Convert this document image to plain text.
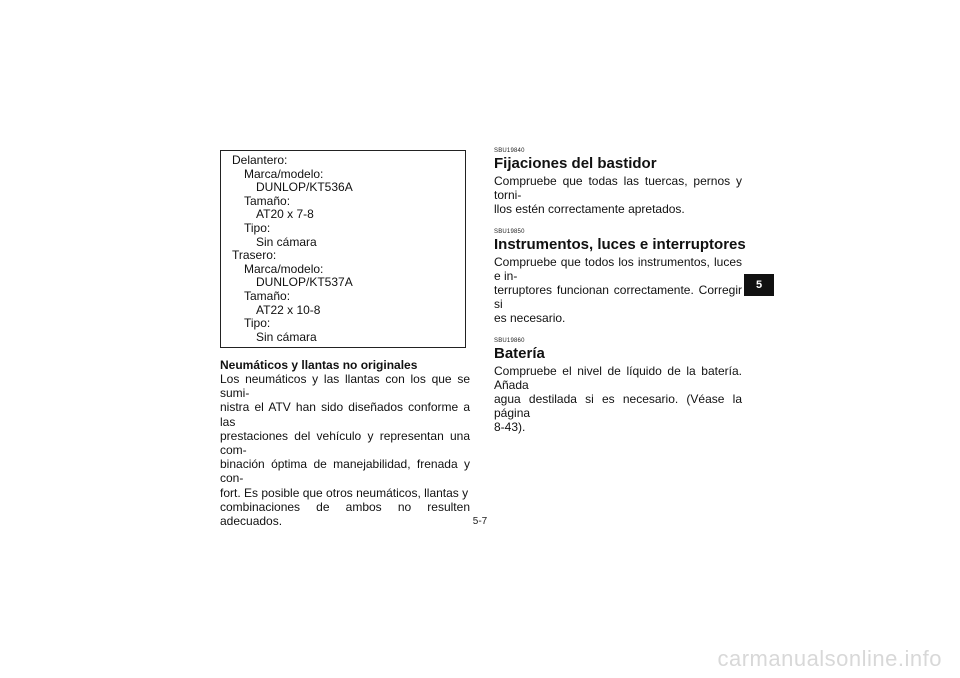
Delantero:
Marca/modelo:
DUNLOP/KT536A
Tamaño:
AT20 x 7-8
Tipo:
Sin cámara
Trasero:
Marca/modelo:
DUNLOP/KT537A
Tamaño:
AT22 x 10-8
Tipo:
Sin cámara
Neumáticos y llantas no originales
Los neumáticos y las llantas con los que se sumi-
nistra el ATV han sido diseñados conforme a las
prestaciones del vehículo y representan una com-
binación óptima de manejabilidad, frenada y con-
fort. Es posible que otros neumáticos, llantas y
combinaciones de ambos no resulten adecuados.
SBU19840
Fijaciones del bastidor
Compruebe que todas las tuercas, pernos y torni-
llos estén correctamente apretados.
SBU19850
Instrumentos, luces e interruptores
Compruebe que todos los instrumentos, luces e in-
terruptores funcionan correctamente. Corregir si
es necesario.
SBU19860
Batería
Compruebe el nivel de líquido de la batería. Añada
agua destilada si es necesario. (Véase la página
8-43).
5
5-7
carmanualsonline.info
